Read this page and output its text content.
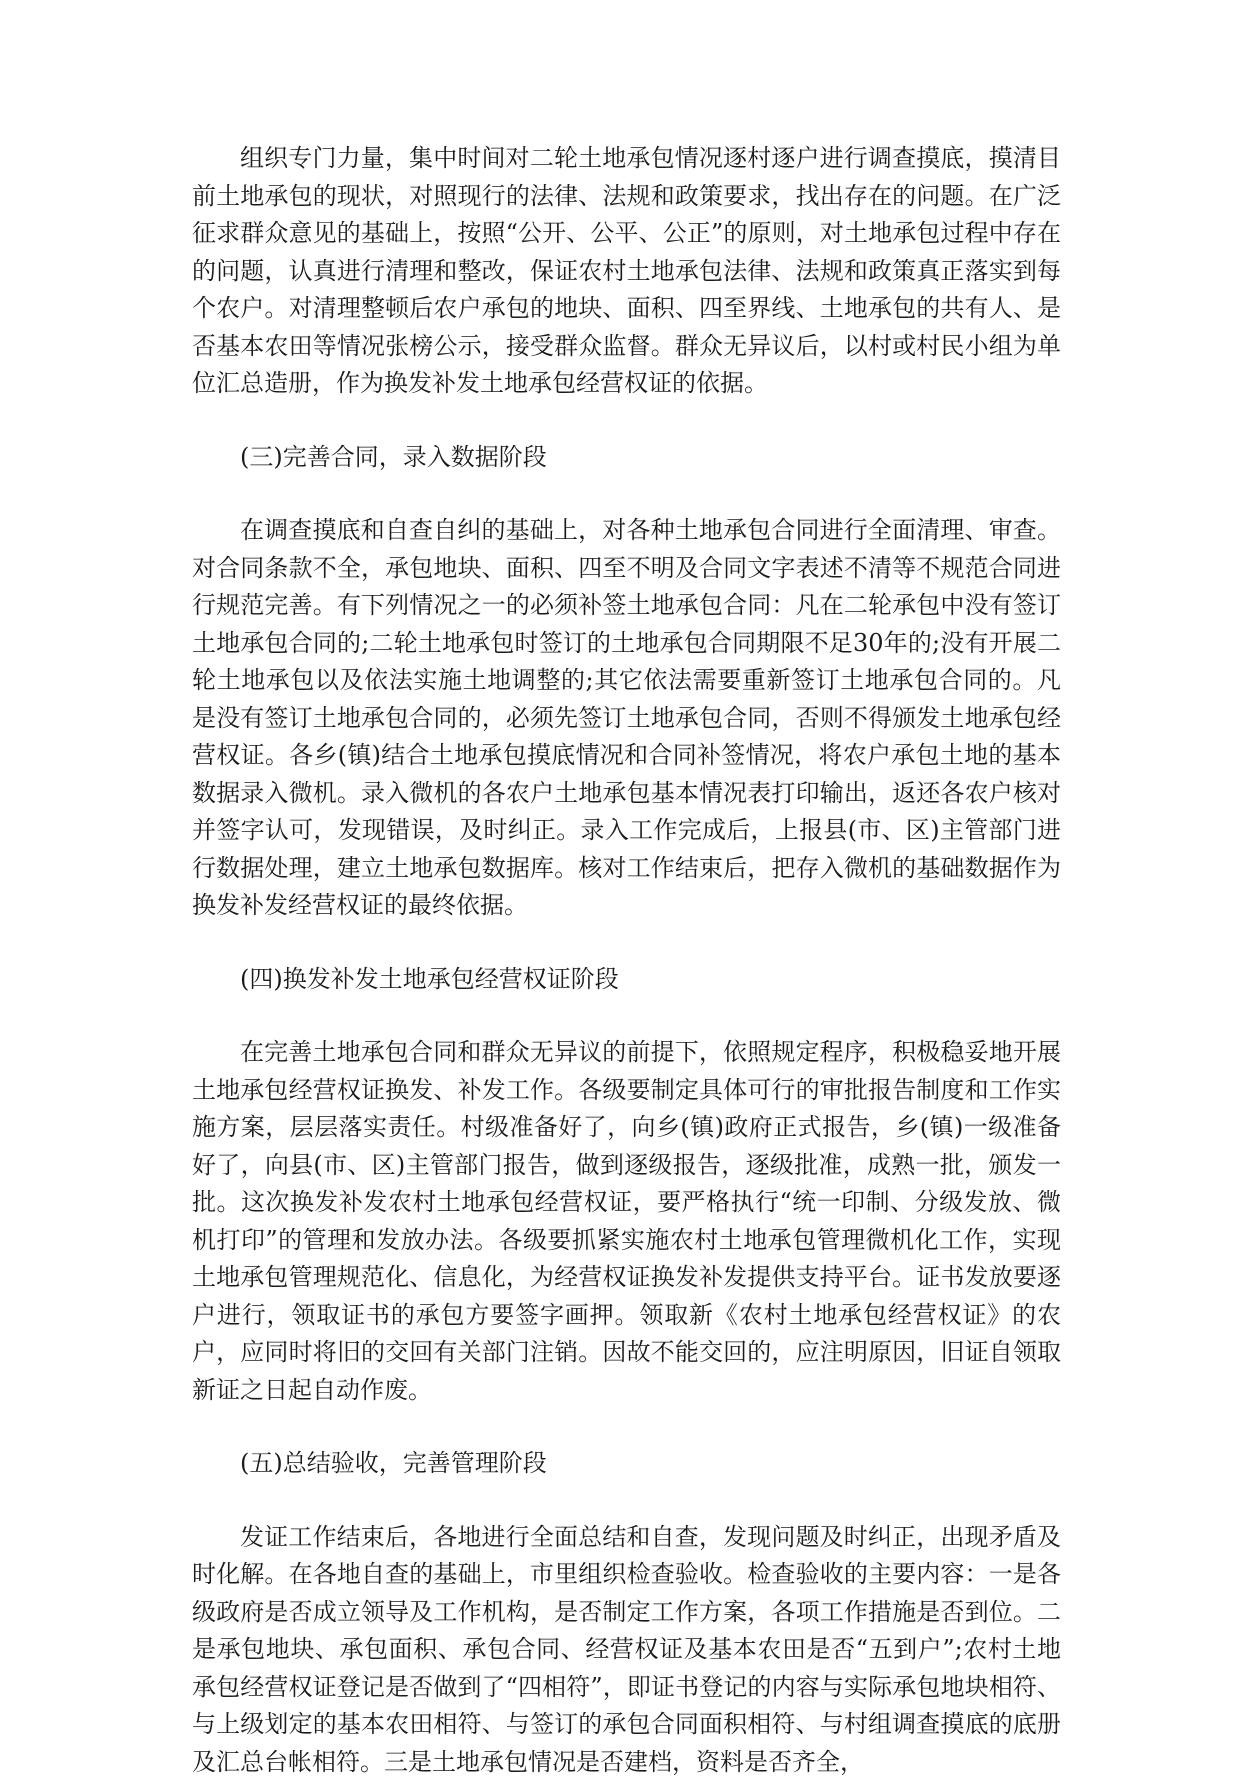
组织专门力量，集中时间对二轮土地承包情况逐村逐户进行调查摸底，摸清目前土地承包的现状，对照现行的法律、法规和政策要求，找出存在的问题。在广泛征求群众意见的基础上，按照“公开、公平、公正”的原则，对土地承包过程中存在的问题，认真进行清理和整改，保证农村土地承包法律、法规和政策真正落实到每个农户。对清理整顿后农户承包的地块、面积、四至界线、土地承包的共有人、是否基本农田等情况张榜公示，接受群众监督。群众无异议后，以村或村民小组为单位汇总造册，作为换发补发土地承包经营权证的依据。

(三)完善合同，录入数据阶段

在调查摸底和自查自纠的基础上，对各种土地承包合同进行全面清理、审查。对合同条款不全，承包地块、面积、四至不明及合同文字表述不清等不规范合同进行规范完善。有下列情况之一的必须补签土地承包合同：凡在二轮承包中没有签订土地承包合同的;二轮土地承包时签订的土地承包合同期限不足30年的;没有开展二轮土地承包以及依法实施土地调整的;其它依法需要重新签订土地承包合同的。凡是没有签订土地承包合同的，必须先签订土地承包合同，否则不得颁发土地承包经营权证。各乡(镇)结合土地承包摸底情况和合同补签情况，将农户承包土地的基本数据录入微机。录入微机的各农户土地承包基本情况表打印输出，返还各农户核对并签字认可，发现错误，及时纠正。录入工作完成后，上报县(市、区)主管部门进行数据处理，建立土地承包数据库。核对工作结束后，把存入微机的基础数据作为换发补发经营权证的最终依据。

(四)换发补发土地承包经营权证阶段

在完善土地承包合同和群众无异议的前提下，依照规定程序，积极稳妥地开展土地承包经营权证换发、补发工作。各级要制定具体可行的审批报告制度和工作实施方案，层层落实责任。村级准备好了，向乡(镇)政府正式报告，乡(镇)一级准备好了，向县(市、区)主管部门报告，做到逐级报告，逐级批准，成熟一批，颁发一批。这次换发补发农村土地承包经营权证，要严格执行“统一印制、分级发放、微机打印”的管理和发放办法。各级要抓紧实施农村土地承包管理微机化工作，实现土地承包管理规范化、信息化，为经营权证换发补发提供支持平台。证书发放要逐户进行，领取证书的承包方要签字画押。领取新《农村土地承包经营权证》的农户，应同时将旧的交回有关部门注销。因故不能交回的，应注明原因，旧证自领取新证之日起自动作废。

(五)总结验收，完善管理阶段

发证工作结束后，各地进行全面总结和自查，发现问题及时纠正，出现矛盾及时化解。在各地自查的基础上，市里组织检查验收。检查验收的主要内容：一是各级政府是否成立领导及工作机构，是否制定工作方案，各项工作措施是否到位。二是承包地块、承包面积、承包合同、经营权证及基本农田是否“五到户”;农村土地承包经营权证登记是否做到了“四相符”，即证书登记的内容与实际承包地块相符、与上级划定的基本农田相符、与签订的承包合同面积相符、与村组调查摸底的底册及汇总台帐相符。三是土地承包情况是否建档，资料是否齐全，
